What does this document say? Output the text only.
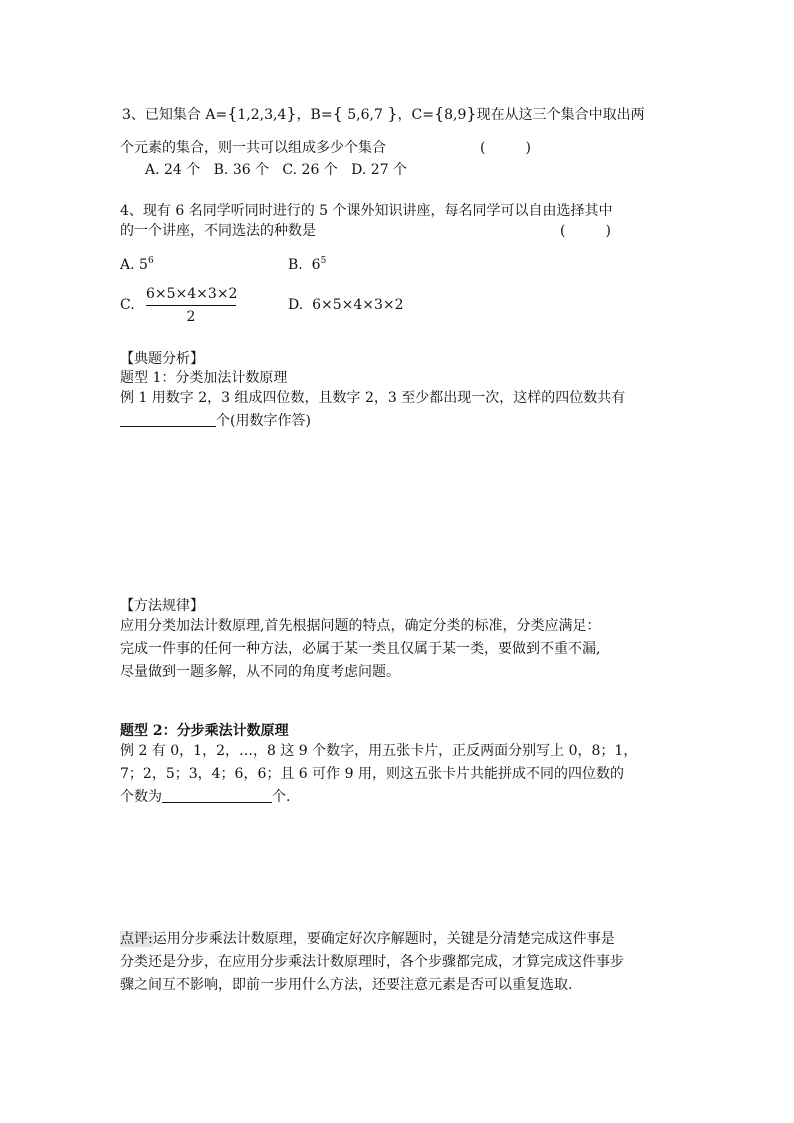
3、已知集合 A={1,2,3,4}，B={ 5,6,7 }，C={8,9}现在从这三个集合中取出两
个元素的集合，则一共可以组成多少个集合	(         )
A. 24 个   B. 36 个   C. 26 个   D. 27 个
4、现有 6 名同学听同时进行的 5 个课外知识讲座，每名同学可以自由选择其中
的一个讲座，不同选法的种数是	(         )
A. $5^6$	B. $6^5$
C.
6×5×4×3×2
2
D.  6×5×4×3×2
【典题分析】
题型 1：分类加法计数原理
例 1 用数字 2，3 组成四位数，且数字 2，3 至少都出现一次，这样的四位数共有
个(用数字作答)
【方法规律】
应用分类加法计数原理,首先根据问题的特点，确定分类的标准，分类应满足：
完成一件事的任何一种方法，必属于某一类且仅属于某一类，要做到不重不漏,
尽量做到一题多解，从不同的角度考虑问题。
题型 2：分步乘法计数原理
例 2 有 0，1，2，…，8 这 9 个数字，用五张卡片，正反两面分别写上 0，8；1，
7；2，5；3，4；6，6；且 6 可作 9 用，则这五张卡片共能拼成不同的四位数的
个数为	个.
点评:运用分步乘法计数原理，要确定好次序解题时，关键是分清楚完成这件事是
分类还是分步，在应用分步乘法计数原理时，各个步骤都完成，才算完成这件事步
骤之间互不影响，即前一步用什么方法，还要注意元素是否可以重复选取.
